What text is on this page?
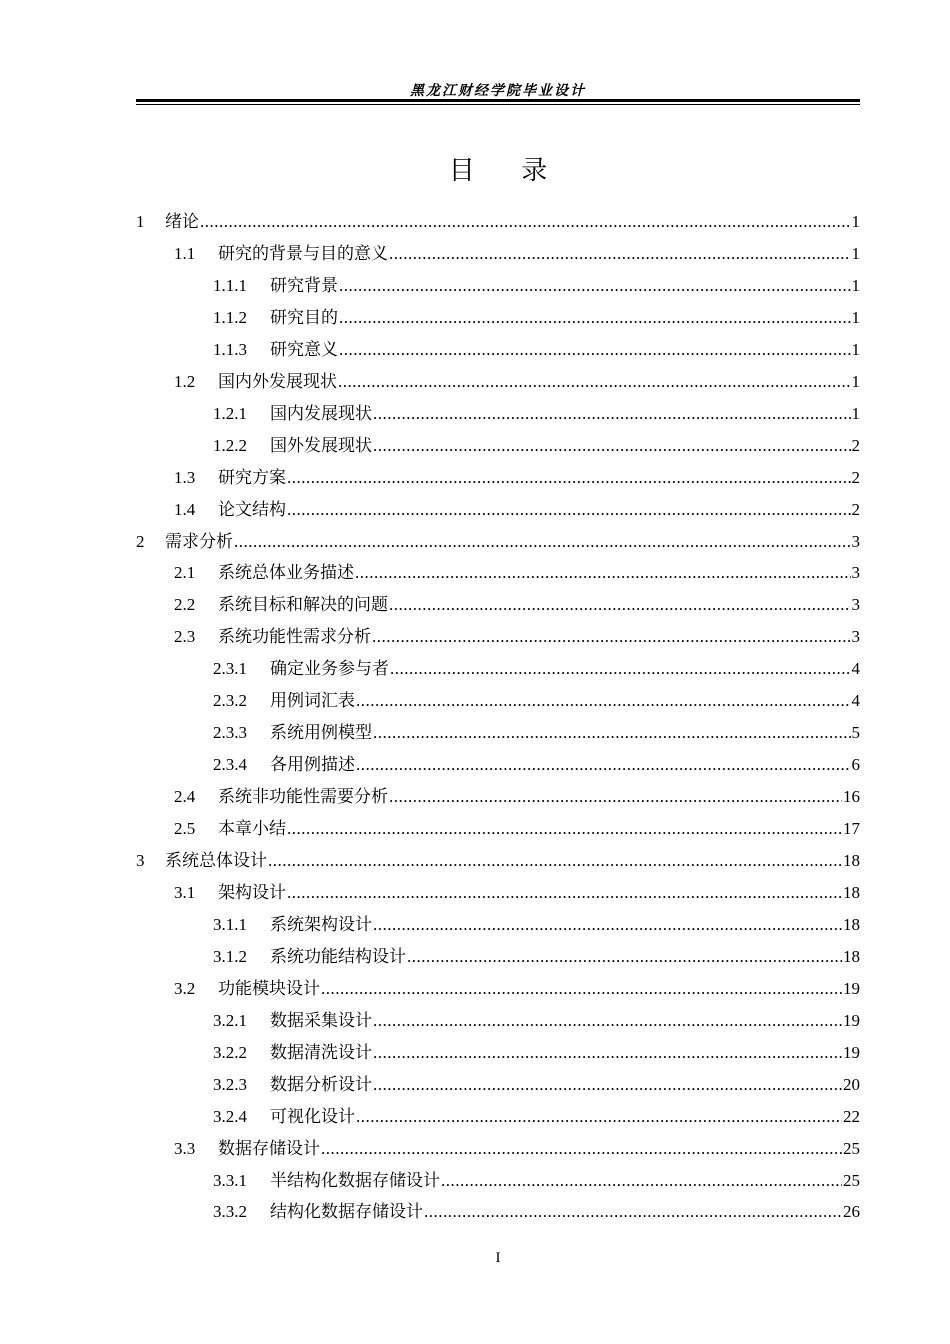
黑龙江财经学院毕业设计
目 录
1	绪论 .....	1
1.1	研究的背景与目的意义 .....	1
1.1.1	研究背景 .....	1
1.1.2	研究目的 .....	1
1.1.3	研究意义 .....	1
1.2	国内外发展现状 .....	1
1.2.1	国内发展现状 .....	1
1.2.2	国外发展现状 .....	2
1.3	研究方案 .....	2
1.4	论文结构 .....	2
2	需求分析 .....	3
2.1	系统总体业务描述 .....	3
2.2	系统目标和解决的问题 .....	3
2.3	系统功能性需求分析 .....	3
2.3.1	确定业务参与者 .....	4
2.3.2	用例词汇表 .....	4
2.3.3	系统用例模型 .....	5
2.3.4	各用例描述 .....	6
2.4	系统非功能性需要分析 .....	16
2.5	本章小结 .....	17
3	系统总体设计 .....	18
3.1	架构设计 .....	18
3.1.1	系统架构设计 .....	18
3.1.2	系统功能结构设计 .....	18
3.2	功能模块设计 .....	19
3.2.1	数据采集设计 .....	19
3.2.2	数据清洗设计 .....	19
3.2.3	数据分析设计 .....	20
3.2.4	可视化设计 .....	22
3.3	数据存储设计 .....	25
3.3.1	半结构化数据存储设计 .....	25
3.3.2	结构化数据存储设计 .....	26
I
